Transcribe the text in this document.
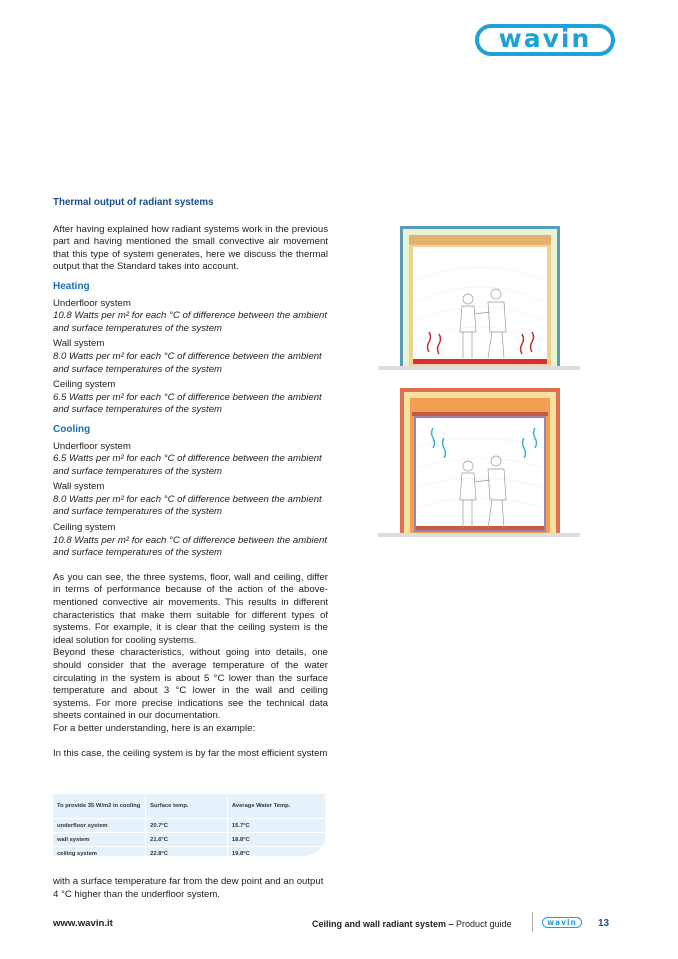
wavin
Thermal output of radiant systems

After having explained how radiant systems work in the previous part and having mentioned the small convective air movement that this type of system generates, here we discuss the thermal output that the Standard takes into account.

Heating
Underfloor system
10.8 Watts per m² for each °C of difference between the ambient and surface temperatures of the system
Wall system
8.0 Watts per m² for each °C of difference between the ambient and surface temperatures of the system
Ceiling system
6.5 Watts per m² for each °C of difference between the ambient and surface temperatures of the system
Cooling
Underfloor system
6.5 Watts per m² for each °C of difference between the ambient and surface temperatures of the system
Wall system
8.0 Watts per m² for each °C of difference between the ambient and surface temperatures of the system
Ceiling system
10.8 Watts per m² for each °C of difference between the ambient and surface temperatures of the system

As you can see, the three systems, floor, wall and ceiling, differ in terms of performance because of the action of the above-mentioned convective air movements. This results in different characteristics that make them suitable for different types of systems. For example, it is clear that the ceiling system is the ideal solution for cooling systems.

Beyond these characteristics, without going into details, one should consider that the average temperature of the water circulating in the system is about 5 °C lower than the surface temperature and about 3 °C lower in the wall and ceiling systems. For more precise indications see the technical data sheets contained in our documentation.

For a better understanding, here is an example:

In this case, the ceiling system is by far the most efficient system

To provide 35 W/m2 in cooling	Surface temp.	Average Water Temp.
underfloor system	20.7°C	15.7°C
wall system	21.6°C	18.8°C
ceiling system	22.8°C	19.8°C
with a surface temperature far from the dew point and an output 4 °C higher than the underfloor system.
www.wavin.it	Ceiling and wall radiant system – Product guide	wavin 13
